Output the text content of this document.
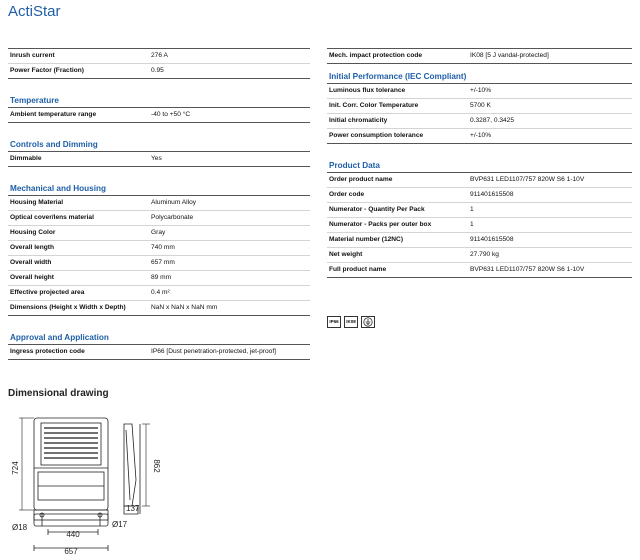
ActiStar
Inrush current	276 A
Power Factor (Fraction)	0.95
Temperature
Ambient temperature range	-40 to +50 °C
Controls and Dimming
Dimmable	Yes
Mechanical and Housing
Housing Material	Aluminum Alloy
Optical cover/lens material	Polycarbonate
Housing Color	Gray
Overall length	740 mm
Overall width	657 mm
Overall height	89 mm
Effective projected area	0.4 m²
Dimensions (Height x Width x Depth)	NaN x NaN x NaN mm
Approval and Application
Ingress protection code	IP66 [Dust penetration-protected, jet-proof]
Mech. impact protection code	IK08 [5 J vandal-protected]
Initial Performance (IEC Compliant)
Luminous flux tolerance	+/-10%
Init. Corr. Color Temperature	5700 K
Initial chromaticity	0.3287, 0.3425
Power consumption tolerance	+/-10%
Product Data
Order product name	BVP631 LED1107/757 820W S6 1-10V
Order code	911401615508
Numerator - Quantity Per Pack	1
Numerator - Packs per outer box	1
Material number (12NC)	911401615508
Net weight	27.790 kg
Full product name	BVP631 LED1107/757 820W S6 1-10V
IP66	IK08
Dimensional drawing
724	862
137
Ø18	Ø17
440
657
